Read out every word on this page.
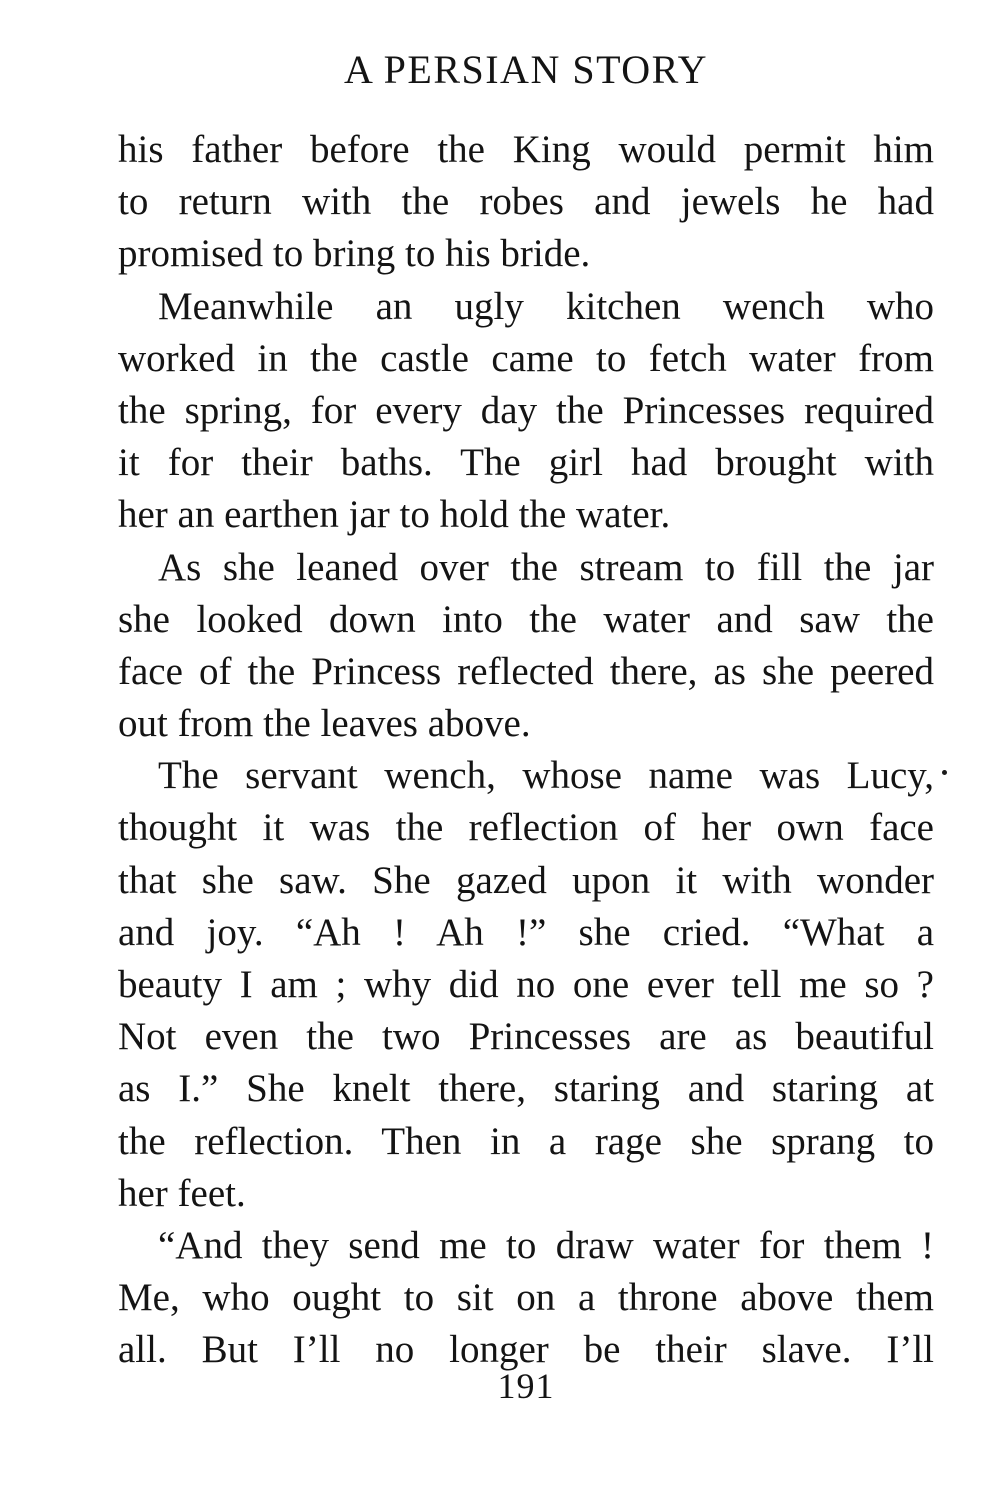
A PERSIAN STORY
his father before the King would permit him
to return with the robes and jewels he had
promised to bring to his bride.
Meanwhile an ugly kitchen wench who
worked in the castle came to fetch water from
the spring, for every day the Princesses required
it for their baths. The girl had brought with
her an earthen jar to hold the water.
As she leaned over the stream to fill the jar
she looked down into the water and saw the
face of the Princess reflected there, as she peered
out from the leaves above.
The servant wench, whose name was Lucy,
thought it was the reflection of her own face
that she saw. She gazed upon it with wonder
and joy. “Ah ! Ah !” she cried. “What a
beauty I am ; why did no one ever tell me so ?
Not even the two Princesses are as beautiful
as I.” She knelt there, staring and staring at
the reflection. Then in a rage she sprang to
her feet.
“And they send me to draw water for them !
Me, who ought to sit on a throne above them
all. But I’ll no longer be their slave. I’ll
191
